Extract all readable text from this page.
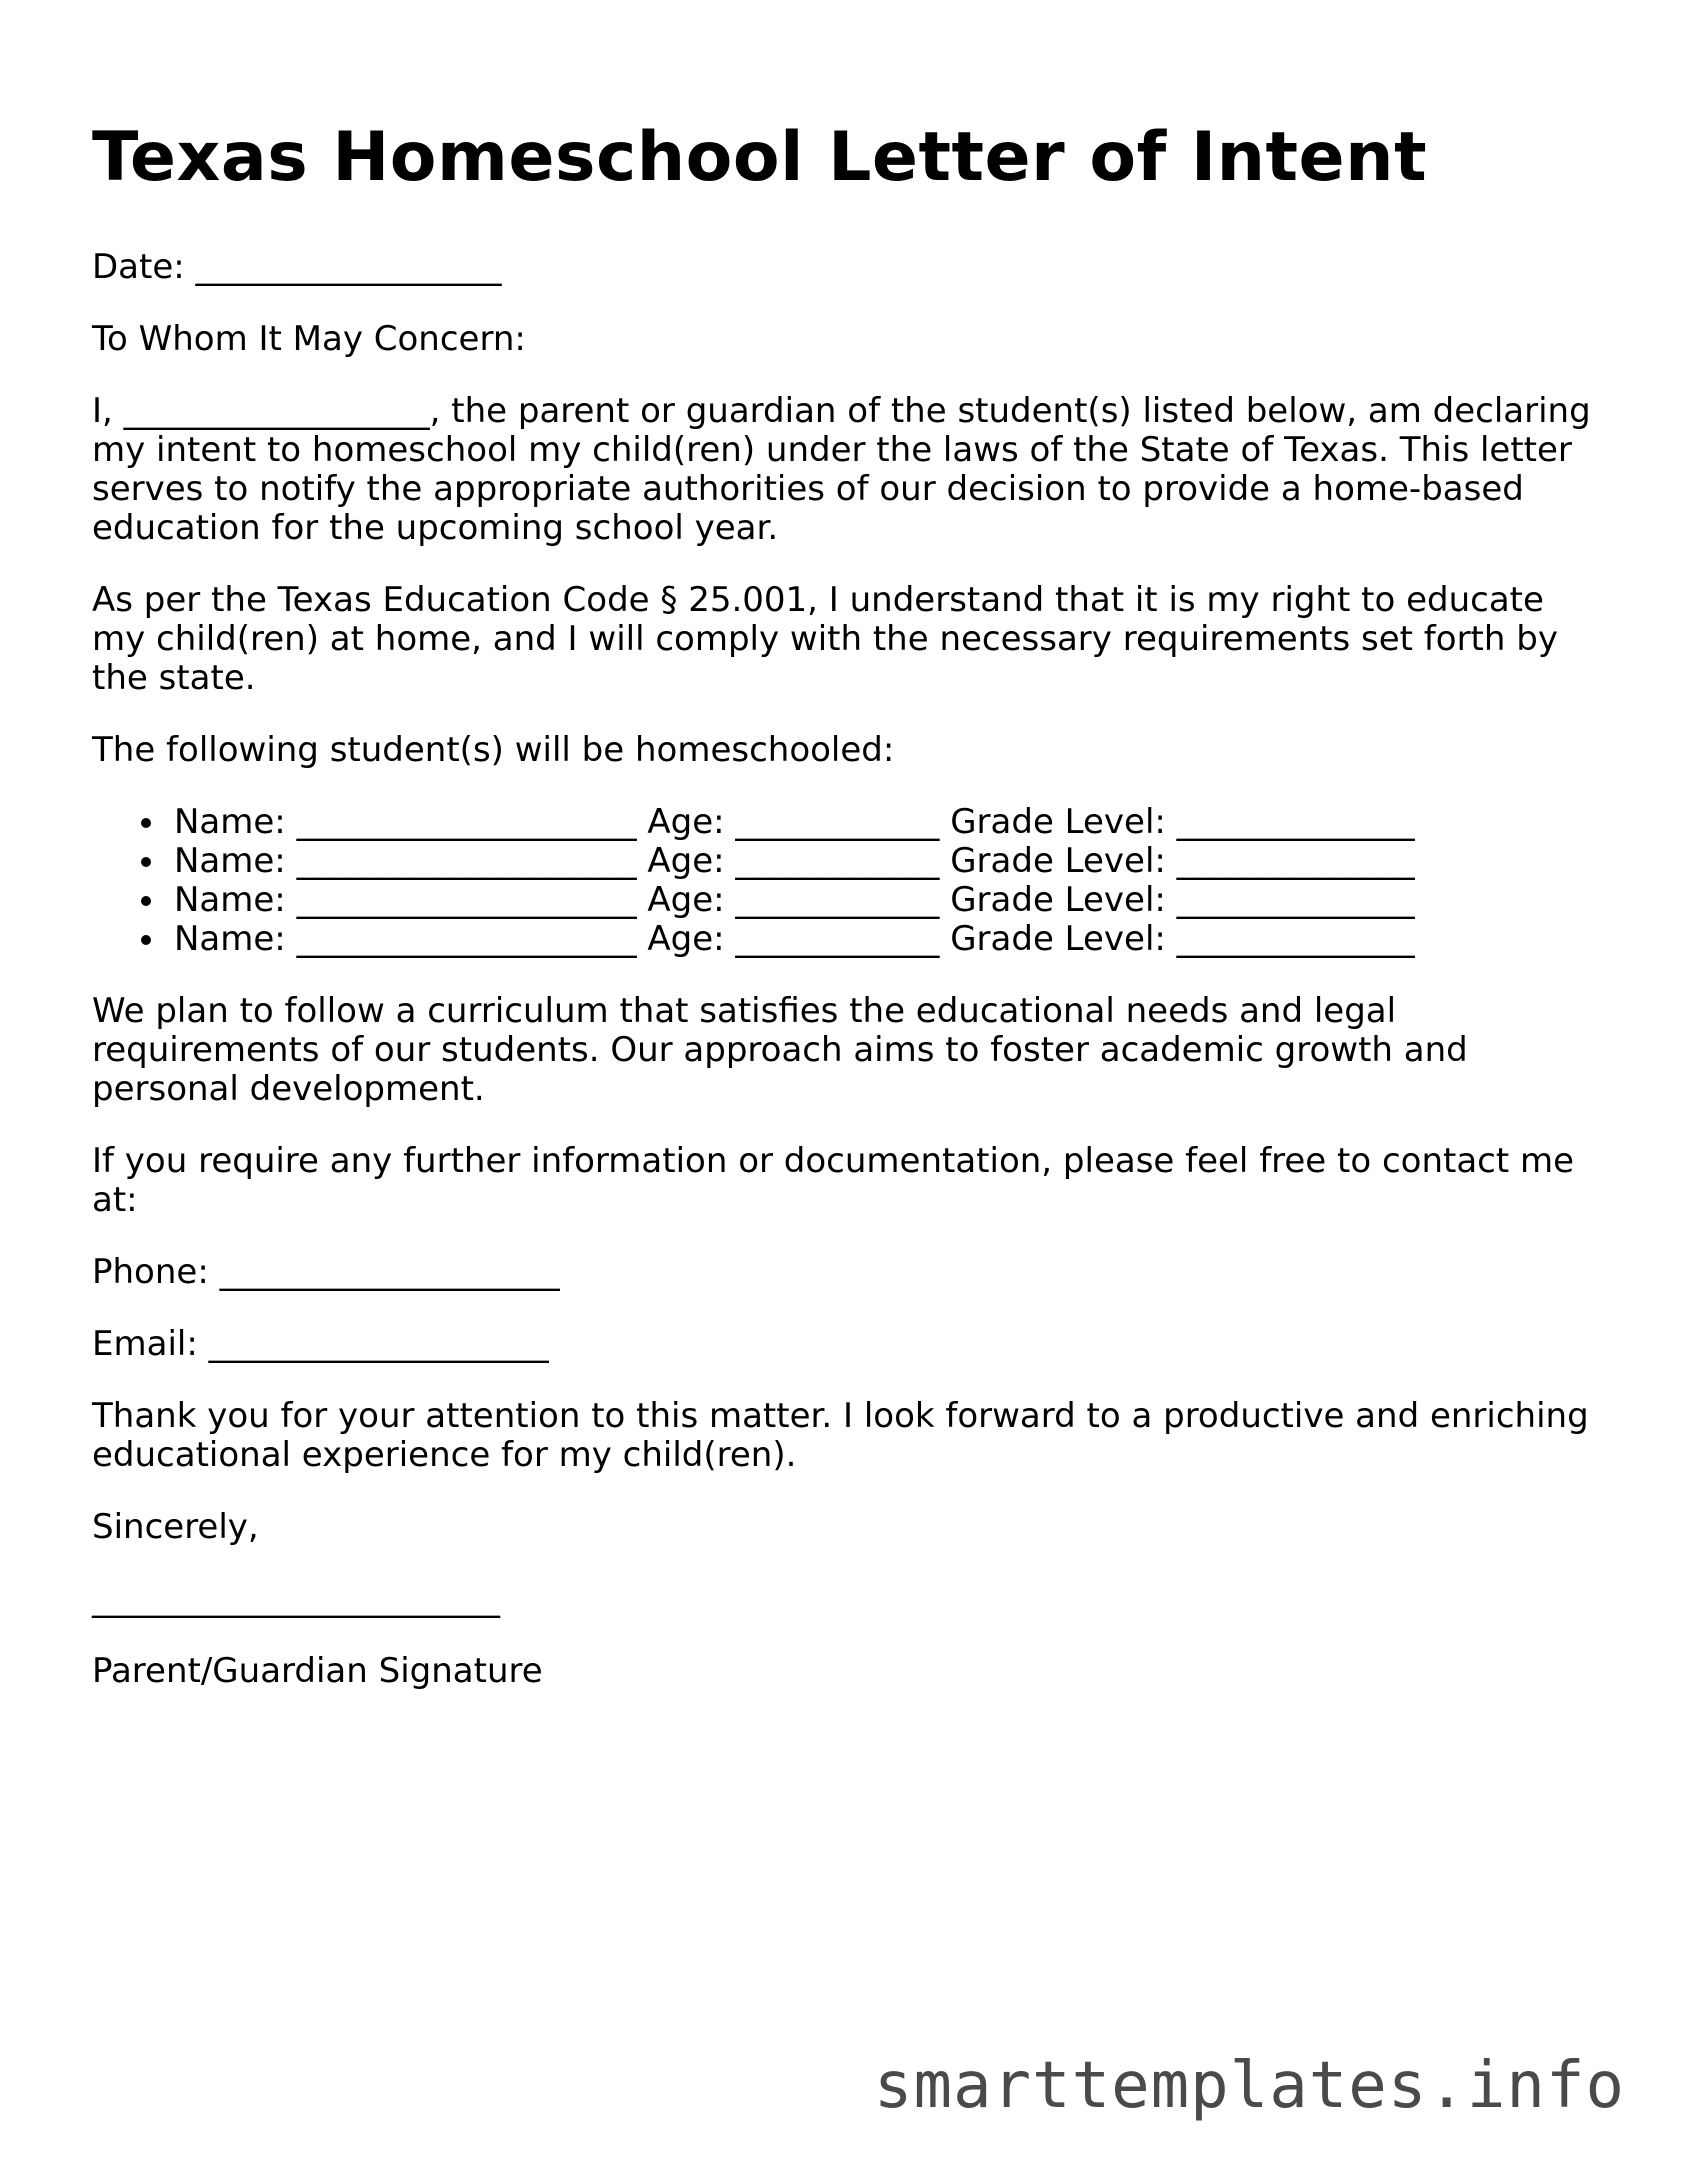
Texas Homeschool Letter of Intent

Date: __________________

To Whom It May Concern:

I, __________________, the parent or guardian of the student(s) listed below, am declaring my intent to homeschool my child(ren) under the laws of the State of Texas. This letter serves to notify the appropriate authorities of our decision to provide a home-based education for the upcoming school year.

As per the Texas Education Code § 25.001, I understand that it is my right to educate my child(ren) at home, and I will comply with the necessary requirements set forth by the state.

The following student(s) will be homeschooled:

Name: ____________________ Age: ____________ Grade Level: ______________
Name: ____________________ Age: ____________ Grade Level: ______________
Name: ____________________ Age: ____________ Grade Level: ______________
Name: ____________________ Age: ____________ Grade Level: ______________

We plan to follow a curriculum that satisfies the educational needs and legal requirements of our students. Our approach aims to foster academic growth and personal development.

If you require any further information or documentation, please feel free to contact me at:

Phone: ____________________

Email: ____________________

Thank you for your attention to this matter. I look forward to a productive and enriching educational experience for my child(ren).

Sincerely,

________________________

Parent/Guardian Signature

smarttemplates.info
